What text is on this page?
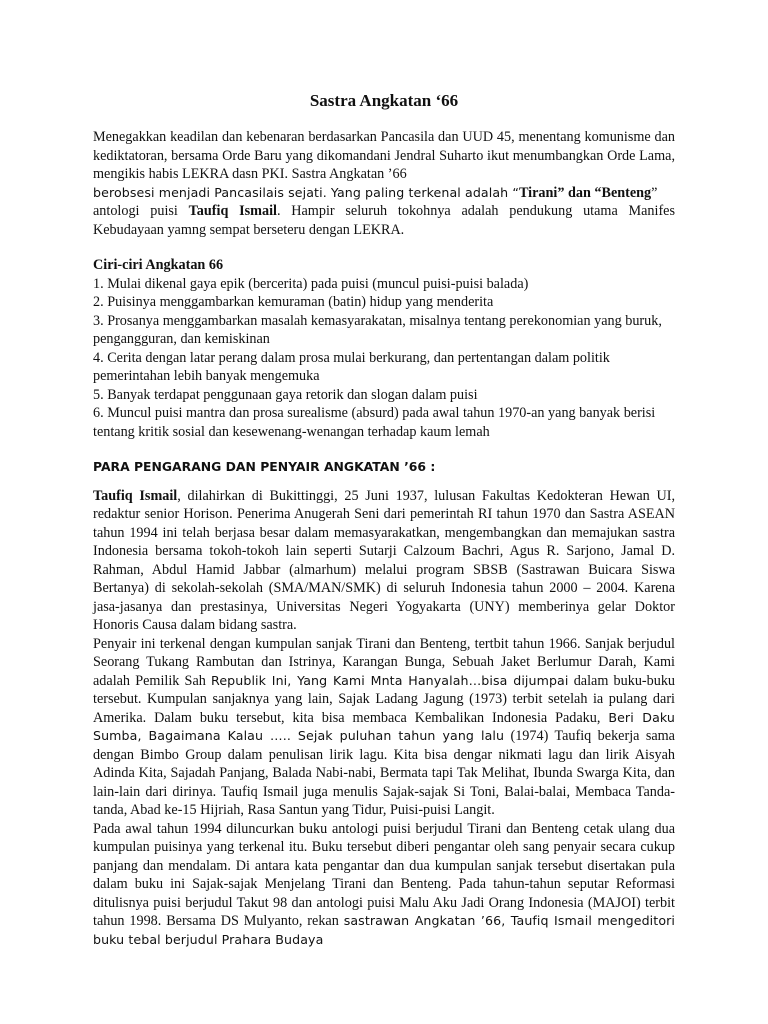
Sastra Angkatan ‘66

Menegakkan keadilan dan kebenaran berdasarkan Pancasila dan UUD 45, menentang komunisme dan kediktatoran, bersama Orde Baru yang dikomandani Jendral Suharto ikut menumbangkan Orde Lama, mengikis habis LEKRA dasn PKI. Sastra Angkatan ’66
berobsesi menjadi Pancasilais sejati. Yang paling terkenal adalah “Tirani” dan “Benteng”
antologi puisi Taufiq Ismail. Hampir seluruh tokohnya adalah pendukung utama Manifes Kebudayaan yamng sempat berseteru dengan LEKRA.

Ciri-ciri Angkatan 66
1. Mulai dikenal gaya epik (bercerita) pada puisi (muncul puisi-puisi balada)
2. Puisinya menggambarkan kemuraman (batin) hidup yang menderita
3. Prosanya menggambarkan masalah kemasyarakatan, misalnya tentang perekonomian yang buruk, pengangguran, dan kemiskinan
4. Cerita dengan latar perang dalam prosa mulai berkurang, dan pertentangan dalam politik pemerintahan lebih banyak mengemuka
5. Banyak terdapat penggunaan gaya retorik dan slogan dalam puisi
6. Muncul puisi mantra dan prosa surealisme (absurd) pada awal tahun 1970-an yang banyak berisi tentang kritik sosial dan kesewenang-wenangan terhadap kaum lemah
PARA PENGARANG DAN PENYAIR ANGKATAN ’66 :

Taufiq Ismail, dilahirkan di Bukittinggi, 25 Juni 1937, lulusan Fakultas Kedokteran Hewan UI, redaktur senior Horison. Penerima Anugerah Seni dari pemerintah RI tahun 1970 dan Sastra ASEAN tahun 1994 ini telah berjasa besar dalam memasyarakatkan, mengembangkan dan memajukan sastra Indonesia bersama tokoh-tokoh lain seperti Sutarji Calzoum Bachri, Agus R. Sarjono, Jamal D. Rahman, Abdul Hamid Jabbar (almarhum) melalui program SBSB (Sastrawan Buicara Siswa Bertanya) di sekolah-sekolah (SMA/MAN/SMK) di seluruh Indonesia tahun 2000 – 2004. Karena jasa-jasanya dan prestasinya, Universitas Negeri Yogyakarta (UNY) memberinya gelar Doktor Honoris Causa dalam bidang sastra.

Penyair ini terkenal dengan kumpulan sanjak Tirani dan Benteng, tertbit tahun 1966. Sanjak berjudul Seorang Tukang Rambutan dan Istrinya, Karangan Bunga, Sebuah Jaket Berlumur Darah, Kami adalah Pemilik Sah Republik Ini, Yang Kami Mnta Hanyalah…bisa dijumpai dalam buku-buku tersebut. Kumpulan sanjaknya yang lain, Sajak Ladang Jagung (1973) terbit setelah ia pulang dari Amerika. Dalam buku tersebut, kita bisa membaca Kembalikan Indonesia Padaku, Beri Daku Sumba, Bagaimana Kalau ….. Sejak puluhan tahun yang lalu (1974) Taufiq bekerja sama dengan Bimbo Group dalam penulisan lirik lagu. Kita bisa dengar nikmati lagu dan lirik Aisyah Adinda Kita, Sajadah Panjang, Balada Nabi-nabi, Bermata tapi Tak Melihat, Ibunda Swarga Kita, dan lain-lain dari dirinya. Taufiq Ismail juga menulis Sajak-sajak Si Toni, Balai-balai, Membaca Tanda-tanda, Abad ke-15 Hijriah, Rasa Santun yang Tidur, Puisi-puisi Langit.

Pada awal tahun 1994 diluncurkan buku antologi puisi berjudul Tirani dan Benteng cetak ulang dua kumpulan puisinya yang terkenal itu. Buku tersebut diberi pengantar oleh sang penyair secara cukup panjang dan mendalam. Di antara kata pengantar dan dua kumpulan sanjak tersebut disertakan pula dalam buku ini Sajak-sajak Menjelang Tirani dan Benteng. Pada tahun-tahun seputar Reformasi ditulisnya puisi berjudul Takut 98 dan antologi puisi Malu Aku Jadi Orang Indonesia (MAJOI) terbit tahun 1998. Bersama DS Mulyanto, rekan sastrawan Angkatan ’66, Taufiq Ismail mengeditori buku tebal berjudul Prahara Budaya
